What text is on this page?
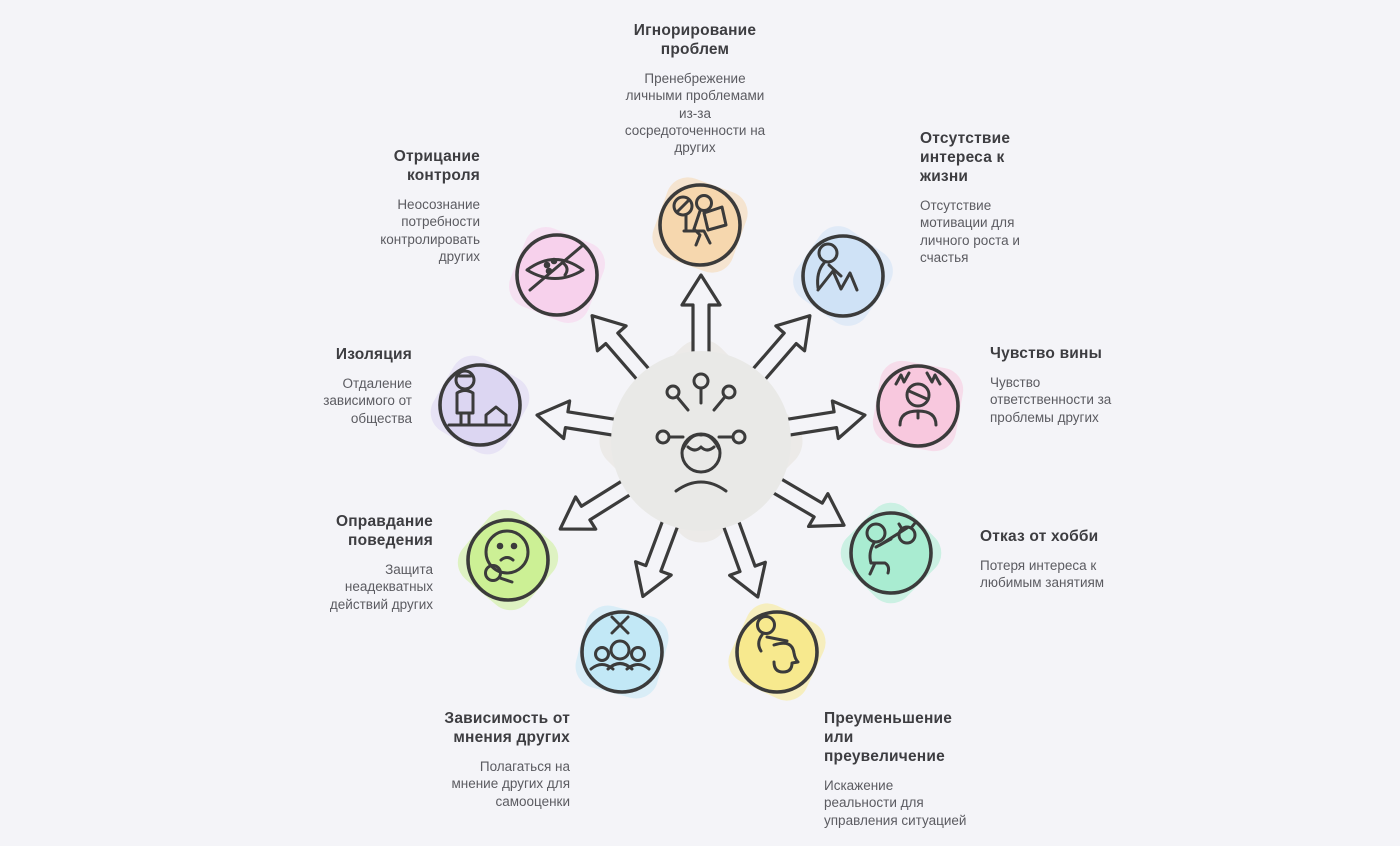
Игнорирование проблем
Пренебрежение личными проблемами из-за сосредоточенности на других
Отсутствие интереса к жизни
Отсутствие мотивации для личного роста и счастья
Чувство вины
Чувство ответственности за проблемы других
Отказ от хобби
Потеря интереса к любимым занятиям
Преуменьшение или преувеличение
Искажение реальности для управления ситуацией
Зависимость от мнения других
Полагаться на мнение других для самооценки
Оправдание поведения
Защита неадекватных действий других
Изоляция
Отдаление зависимого от общества
Отрицание контроля
Неосознание потребности контролировать других
